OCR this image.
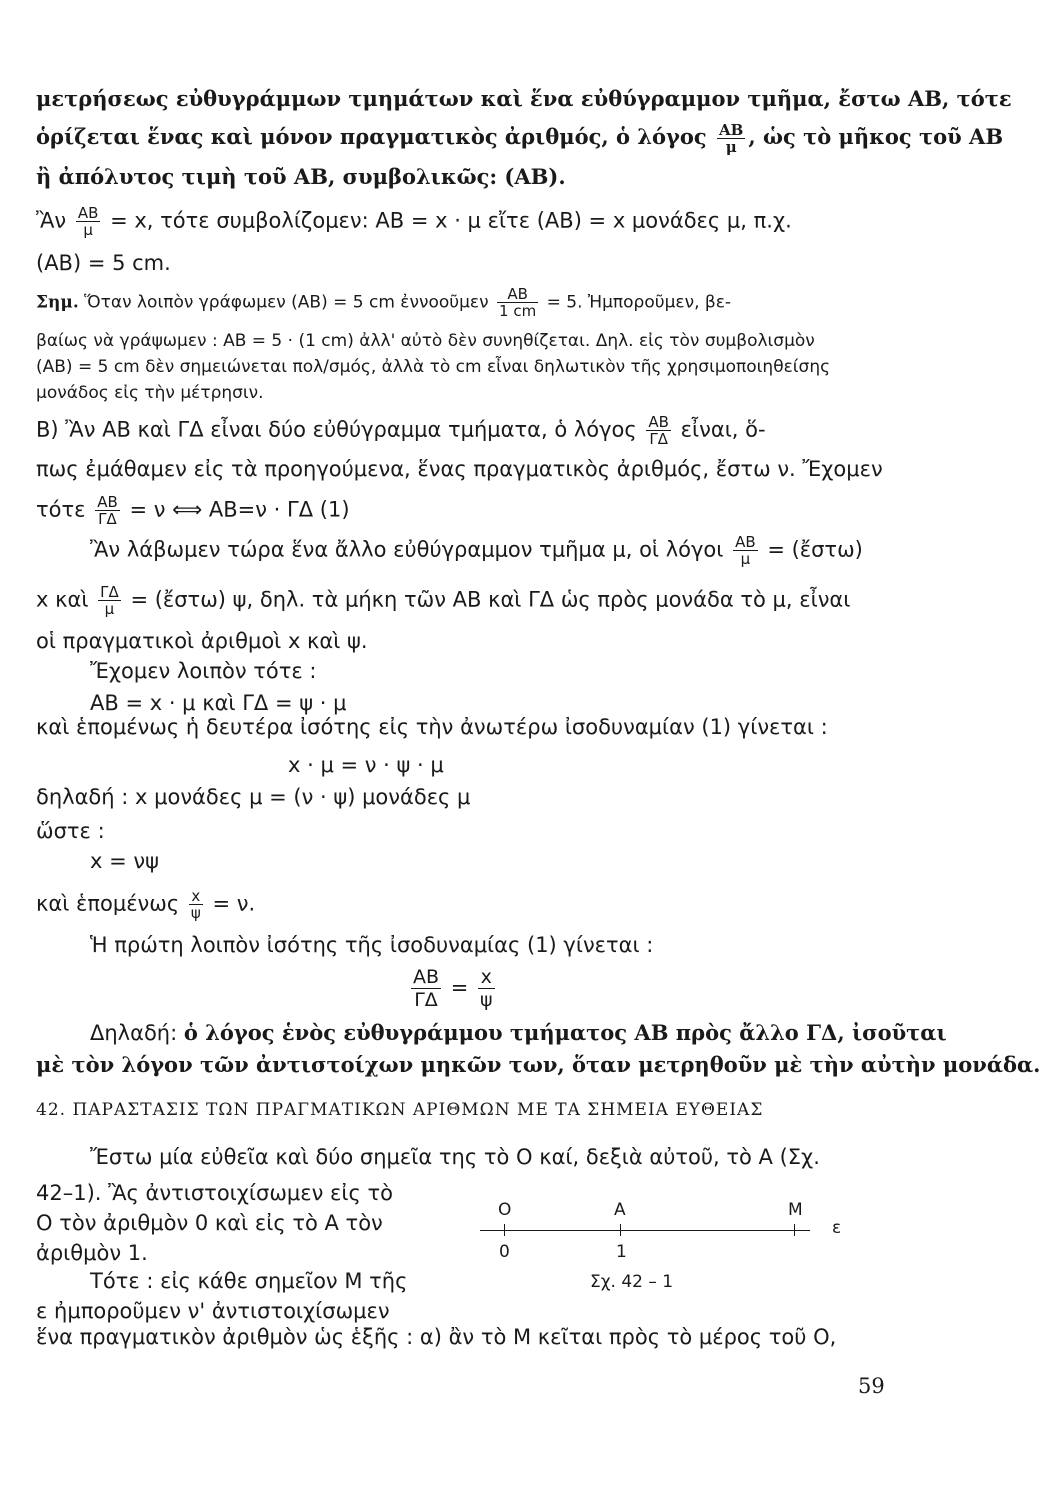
μετρήσεως εὐθυγράμμων τμημάτων καὶ ἕνα εὐθύγραμμον τμῆμα, ἔστω ΑΒ, τότε
ὁρίζεται ἕνας καὶ μόνον πραγματικὸς ἀριθμός, ὁ λόγος $\frac{AB}{\mu}$ , ὡς τὸ μῆκος τοῦ ΑΒ
ἢ ἀπόλυτος τιμὴ τοῦ ΑΒ, συμβολικῶς: (ΑΒ).
Ἂν $\frac{AB}{\mu} = x$, τότε συμβολίζομεν: ΑΒ = x · μ εἴτε (ΑΒ) = x μονάδες μ, π.χ.
(ΑΒ) = 5 cm.
Σημ. Ὅταν λοιπὸν γράφωμεν (ΑΒ) = 5 cm ἐννοοῦμεν $\frac{AB}{1 cm} = 5$. Ἠμποροῦμεν, βε-
βαίως νὰ γράψωμεν : ΑΒ = 5 · (1 cm) ἀλλ' αὐτὸ δὲν συνηθίζεται. Δηλ. εἰς τὸν συμβολισμὸν
(ΑΒ) = 5 cm δὲν σημειώνεται πολ/σμός, ἀλλὰ τὸ cm εἶναι δηλωτικὸν τῆς χρησιμοποιηθείσης
μονάδος εἰς τὴν μέτρησιν.
Β) Ἂν ΑΒ καὶ ΓΔ εἶναι δύο εὐθύγραμμα τμήματα, ὁ λόγος $\frac{AB}{\Gamma\Delta}$ εἶναι, ὅ-
πως ἐμάθαμεν εἰς τὰ προηγούμενα, ἕνας πραγματικὸς ἀριθμός, ἔστω ν. Ἔχομεν
τότε $\frac{AB}{\Gamma\Delta} = \nu$ ⟺ ΑΒ=ν · ΓΔ (1)
Ἂν λάβωμεν τώρα ἕνα ἄλλο εὐθύγραμμον τμῆμα μ, οἱ λόγοι $\frac{AB}{\mu}$ = (ἔστω)
x καὶ $\frac{\Gamma\Delta}{\mu}$ = (ἔστω) ψ, δηλ. τὰ μήκη τῶν ΑΒ καὶ ΓΔ ὡς πρὸς μονάδα τὸ μ, εἶναι
οἱ πραγματικοὶ ἀριθμοὶ x καὶ ψ.
Ἔχομεν λοιπὸν τότε :
ΑΒ = x · μ καὶ ΓΔ = ψ · μ
καὶ ἑπομένως ἡ δευτέρα ἰσότης εἰς τὴν ἀνωτέρω ἰσοδυναμίαν (1) γίνεται :
x · μ = ν · ψ · μ
δηλαδή : x μονάδες μ = (ν · ψ) μονάδες μ
ὥστε :
x = νψ
καὶ ἑπομένως $\frac{x}{\psi} = \nu$.
Ἡ πρώτη λοιπὸν ἰσότης τῆς ἰσοδυναμίας (1) γίνεται :
$\frac{AB}{\Gamma\Delta} = \frac{x}{\psi}$
Δηλαδή: ὁ λόγος ἑνὸς εὐθυγράμμου τμήματος ΑΒ πρὸς ἄλλο ΓΔ, ἰσοῦται
μὲ τὸν λόγον τῶν ἀντιστοίχων μηκῶν των, ὅταν μετρηθοῦν μὲ τὴν αὐτὴν μονάδα.
42. ΠΑΡΑΣΤΑΣΙΣ ΤΩΝ ΠΡΑΓΜΑΤΙΚΩΝ ΑΡΙΘΜΩΝ ΜΕ ΤΑ ΣΗΜΕΙΑ ΕΥΘΕΙΑΣ
Ἔστω μία εὐθεῖα καὶ δύο σημεῖα της τὸ Ο καί, δεξιὰ αὐτοῦ, τὸ Α (Σχ.
42–1). Ἂς ἀντιστοιχίσωμεν εἰς τὸ
Ο τὸν ἀριθμὸν 0 καὶ εἰς τὸ Α τὸν
ἀριθμὸν 1.
Τότε : εἰς κάθε σημεῖον Μ τῆς
ε ἠμποροῦμεν ν' ἀντιστοιχίσωμεν
ἕνα πραγματικὸν ἀριθμὸν ὡς ἑξῆς : α) ἂν τὸ Μ κεῖται πρὸς τὸ μέρος τοῦ Ο,
Ο	Α	Μ
ε
0	1
Σχ. 42 – 1
59
